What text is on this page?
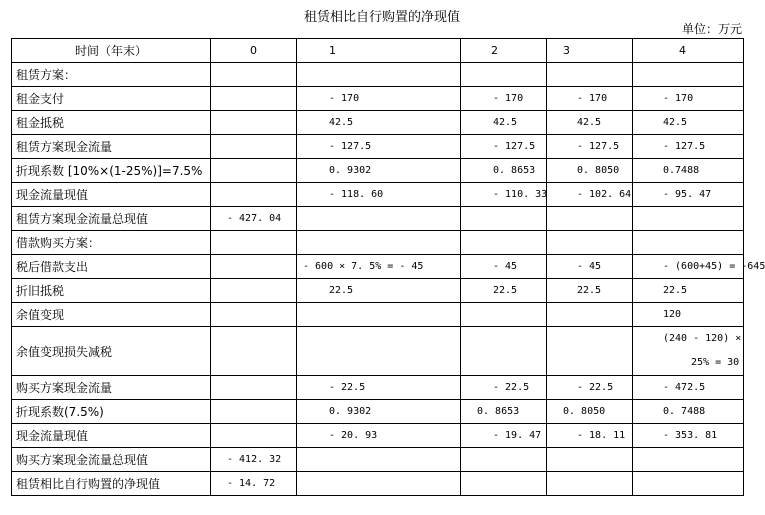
租赁相比自行购置的净现值
单位：万元
时间（年末）	0	1	2	3	4
租赁方案：					
租金支付		- 170	- 170	- 170	- 170
租金抵税		42.5	42.5	42.5	42.5
租赁方案现金流量		- 127.5	- 127.5	- 127.5	- 127.5
折现系数 [10%×(1-25%)]=7.5%		0. 9302	0. 8653	0. 8050	0.7488
现金流量现值		- 118. 60	- 110. 33	- 102. 64	- 95. 47
租赁方案现金流量总现值	- 427. 04				
借款购买方案：					
税后借款支出		- 600 × 7. 5% = - 45	- 45	- 45	- (600+45) = -645
折旧抵税		22.5	22.5	22.5	22.5
余值变现					120
余值变现损失减税					(240 - 120) ×
25% = 30

购买方案现金流量		- 22.5	- 22.5	- 22.5	- 472.5
折现系数(7.5%)		0. 9302	0. 8653	0. 8050	0. 7488
现金流量现值		- 20. 93	- 19. 47	- 18. 11	- 353. 81
购买方案现金流量总现值	- 412. 32				
租赁相比自行购置的净现值	- 14. 72				
